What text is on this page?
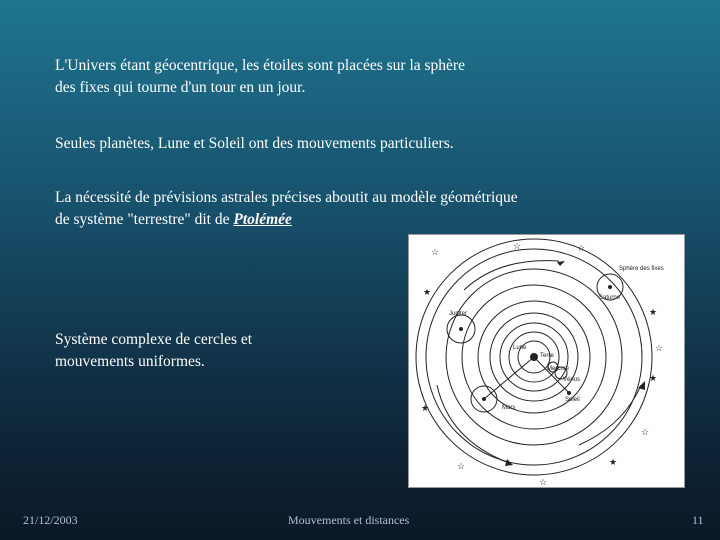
L'Univers étant géocentrique, les étoiles sont placées sur la sphère
des fixes qui tourne d'un tour en un jour.

Seules planètes, Lune et Soleil ont des mouvements particuliers.

La nécessité de prévisions astrales précises aboutit au modèle géométrique
de système "terrestre" dit de Ptolémée

Système complexe de cercles et
mouvements uniformes.

☆
☆	☆
★
☆
★
☆
★
☆
☆
★
★
Sphère des fixes
Saturne
Jupiter
Lune
Terre
Mercure
Vénus
Soleil
Mars
21/12/2003	Mouvements et distances	11
